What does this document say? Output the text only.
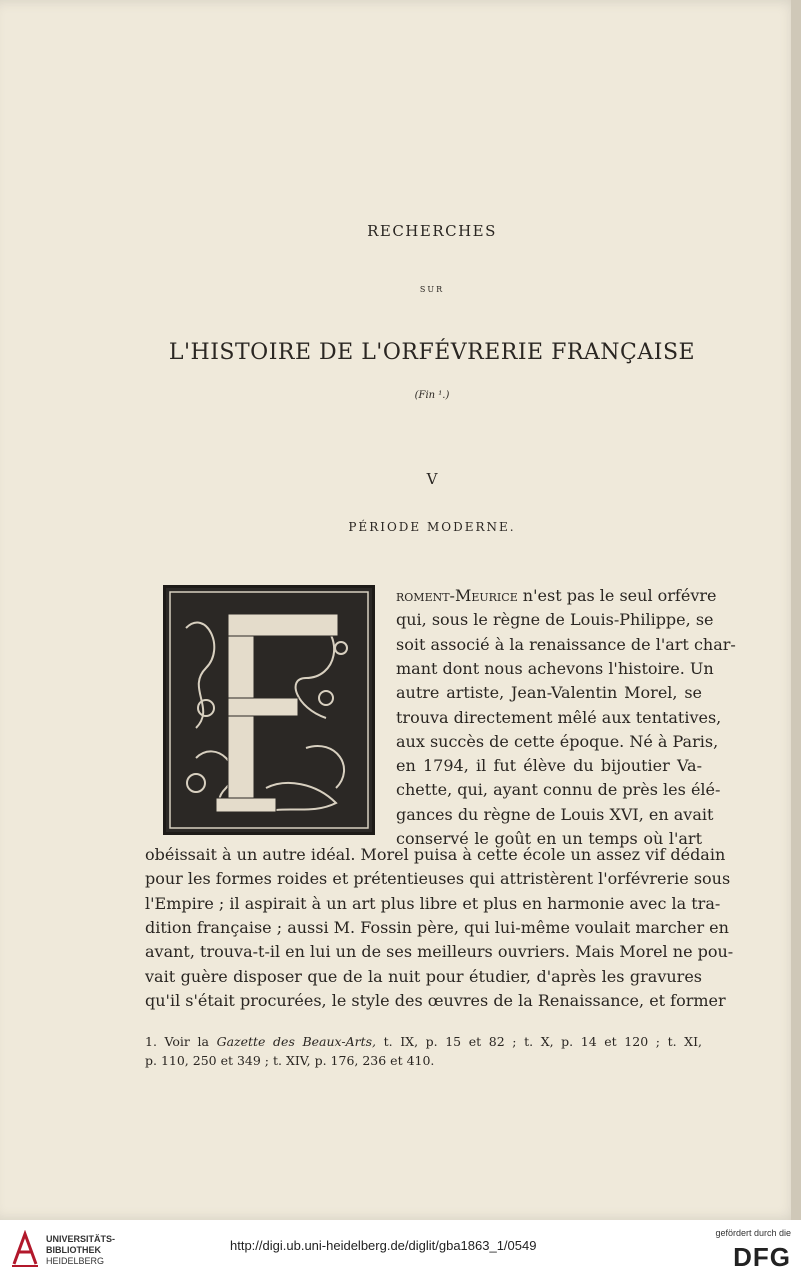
RECHERCHES

SUR

L'HISTOIRE DE L'ORFÉVRERIE FRANÇAISE

(Fin ¹.)

V

PÉRIODE MODERNE.

roment-Meurice n'est pas le seul orfévre

qui, sous le règne de Louis-Philippe, se

soit associé à la renaissance de l'art char-

mant dont nous achevons l'histoire. Un

autre artiste, Jean-Valentin Morel, se

trouva directement mêlé aux tentatives,

aux succès de cette époque. Né à Paris,

en 1794, il fut élève du bijoutier Va-

chette, qui, ayant connu de près les élé-

gances du règne de Louis XVI, en avait

conservé le goût en un temps où l'art

obéissait à un autre idéal. Morel puisa à cette école un assez vif dédain

pour les formes roides et prétentieuses qui attristèrent l'orfévrerie sous

l'Empire ; il aspirait à un art plus libre et plus en harmonie avec la tra-

dition française ; aussi M. Fossin père, qui lui-même voulait marcher en

avant, trouva-t-il en lui un de ses meilleurs ouvriers. Mais Morel ne pou-

vait guère disposer que de la nuit pour étudier, d'après les gravures

qu'il s'était procurées, le style des œuvres de la Renaissance, et former

1. Voir la Gazette des Beaux-Arts, t. IX, p. 15 et 82 ; t. X, p. 14 et 120 ; t. XI,
p. 110, 250 et 349 ; t. XIV, p. 176, 236 et 410.
UNIVERSITÄTS-
BIBLIOTHEK
HEIDELBERG
http://digi.ub.uni-heidelberg.de/diglit/gba1863_1/0549
gefördert durch die
DFG
